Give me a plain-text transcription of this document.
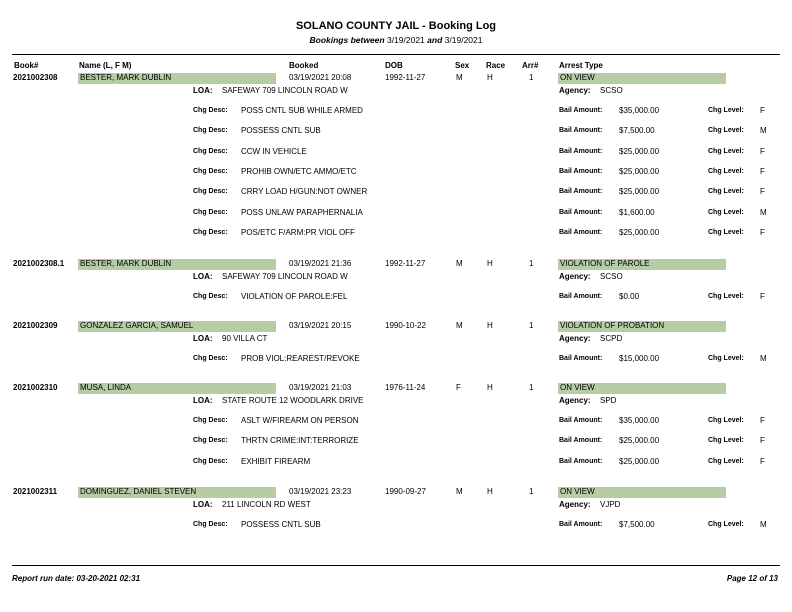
SOLANO COUNTY JAIL - Booking Log
Bookings between 3/19/2021 and 3/19/2021
Book#	Name (L, F M)	Booked	DOB	Sex Race Arr#	Arrest Type
2021002308	BESTER, MARK DUBLIN	03/19/2021 20:08	1992-11-27	M	H	1	ON VIEW
LOA: SAFEWAY 709 LINCOLN ROAD W	Agency: SCSO
Chg Desc: POSS CNTL SUB WHILE ARMED	Bail Amount: $35,000.00	Chg Level: F
Chg Desc: POSSESS CNTL SUB	Bail Amount: $7,500.00	Chg Level: M
Chg Desc: CCW IN VEHICLE	Bail Amount: $25,000.00	Chg Level: F
Chg Desc: PROHIB OWN/ETC AMMO/ETC	Bail Amount: $25,000.00	Chg Level: F
Chg Desc: CRRY LOAD H/GUN:NOT OWNER	Bail Amount: $25,000.00	Chg Level: F
Chg Desc: POSS UNLAW PARAPHERNALIA	Bail Amount: $1,600.00	Chg Level: M
Chg Desc: POS/ETC F/ARM:PR VIOL OFF	Bail Amount: $25,000.00	Chg Level: F
2021002308.1 BESTER, MARK DUBLIN	03/19/2021 21:36	1992-11-27	M	H	1	VIOLATION OF PAROLE
LOA: SAFEWAY 709 LINCOLN ROAD W	Agency: SCSO
Chg Desc: VIOLATION OF PAROLE:FEL	Bail Amount: $0.00	Chg Level: F
2021002309	GONZALEZ GARCIA, SAMUEL	03/19/2021 20:15	1990-10-22	M	H	1	VIOLATION OF PROBATION
LOA: 90 VILLA CT	Agency: SCPD
Chg Desc: PROB VIOL:REAREST/REVOKE	Bail Amount: $15,000.00	Chg Level: M
2021002310	MUSA, LINDA	03/19/2021 21:03	1976-11-24	F	H	1	ON VIEW
LOA: STATE ROUTE 12 WOODLARK DRIVE	Agency: SPD
Chg Desc: ASLT W/FIREARM ON PERSON	Bail Amount: $35,000.00	Chg Level: F
Chg Desc: THRTN CRIME:INT:TERRORIZE	Bail Amount: $25,000.00	Chg Level: F
Chg Desc: EXHIBIT FIREARM	Bail Amount: $25,000.00	Chg Level: F
2021002311	DOMINGUEZ, DANIEL STEVEN	03/19/2021 23:23	1990-09-27	M	H	1	ON VIEW
LOA: 211 LINCOLN RD WEST	Agency: VJPD
Chg Desc: POSSESS CNTL SUB	Bail Amount: $7,500.00	Chg Level: M
Report run date: 03-20-2021 02:31	Page 12 of 13
